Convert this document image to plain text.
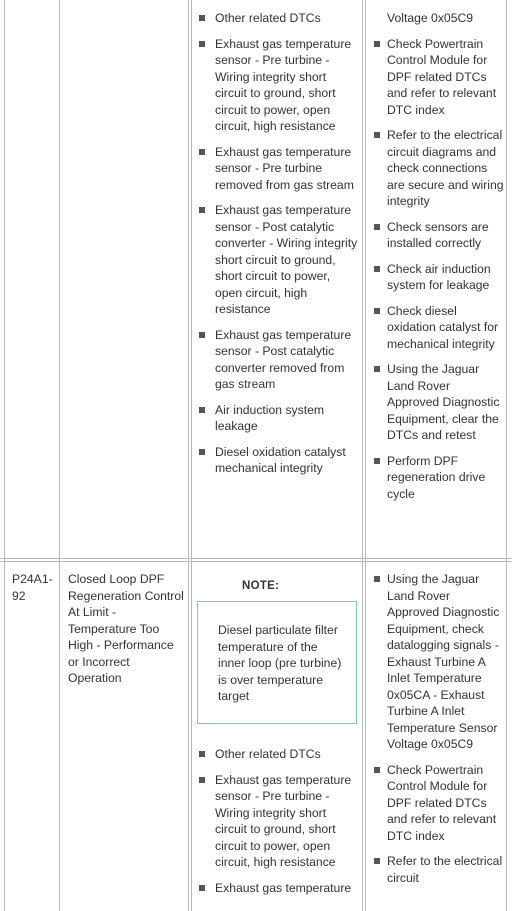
Other related DTCs
Exhaust gas temperature sensor - Pre turbine - Wiring integrity short circuit to ground, short circuit to power, open circuit, high resistance
Exhaust gas temperature sensor - Pre turbine removed from gas stream
Exhaust gas temperature sensor - Post catalytic converter - Wiring integrity short circuit to ground, short circuit to power, open circuit, high resistance
Exhaust gas temperature sensor - Post catalytic converter removed from gas stream
Air induction system leakage
Diesel oxidation catalyst mechanical integrity
Voltage 0x05C9
Check Powertrain Control Module for DPF related DTCs and refer to relevant DTC index
Refer to the electrical circuit diagrams and check connections are secure and wiring integrity
Check sensors are installed correctly
Check air induction system for leakage
Check diesel oxidation catalyst for mechanical integrity
Using the Jaguar Land Rover Approved Diagnostic Equipment, clear the DTCs and retest
Perform DPF regeneration drive cycle
P24A1-92
Closed Loop DPF Regeneration Control At Limit - Temperature Too High - Performance or Incorrect Operation
NOTE:
Diesel particulate filter temperature of the inner loop (pre turbine) is over temperature target
Other related DTCs
Exhaust gas temperature sensor - Pre turbine - Wiring integrity short circuit to ground, short circuit to power, open circuit, high resistance
Exhaust gas temperature
Using the Jaguar Land Rover Approved Diagnostic Equipment, check datalogging signals - Exhaust Turbine A Inlet Temperature 0x05CA - Exhaust Turbine A Inlet Temperature Sensor Voltage 0x05C9
Check Powertrain Control Module for DPF related DTCs and refer to relevant DTC index
Refer to the electrical circuit
